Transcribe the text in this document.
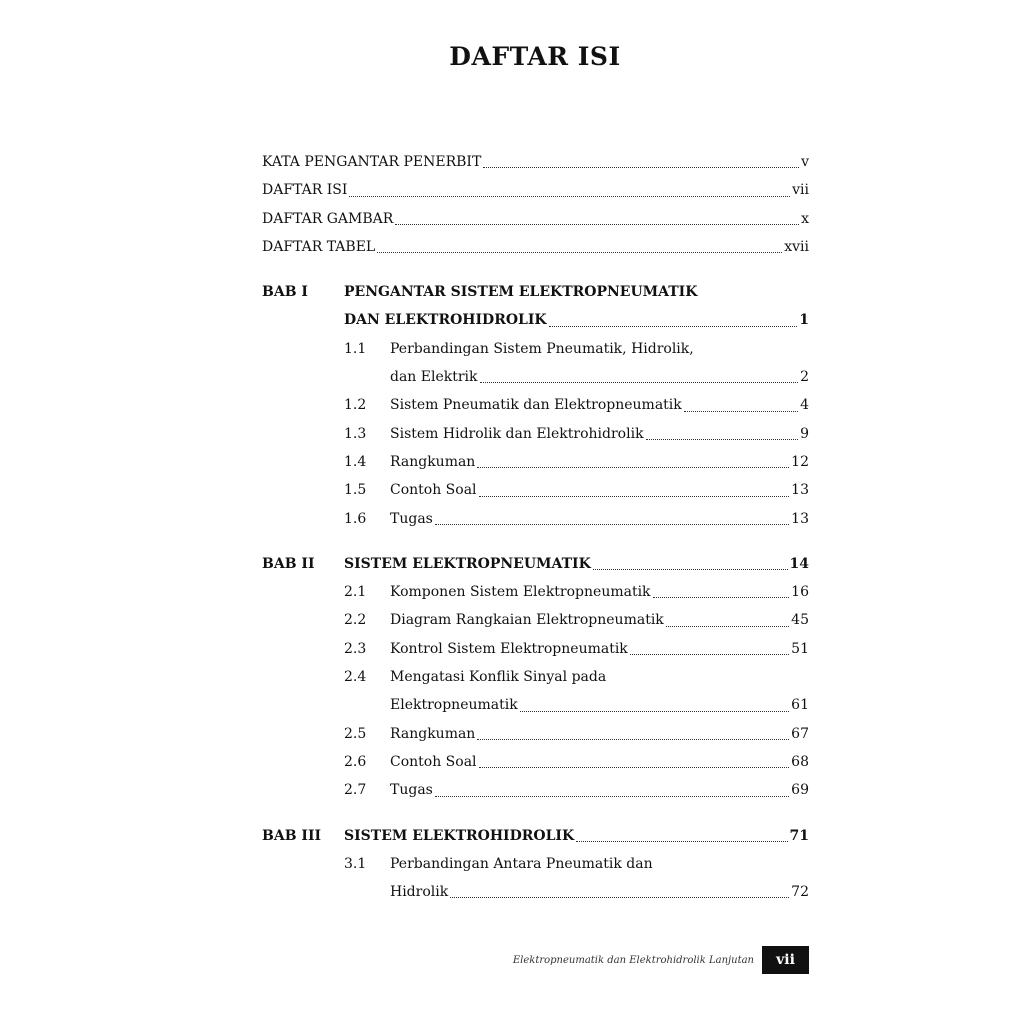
DAFTAR ISI
KATA PENGANTAR PENERBIT	v
DAFTAR ISI	vii
DAFTAR GAMBAR	x
DAFTAR TABEL	xvii
BAB I	PENGANTAR SISTEM ELEKTROPNEUMATIK
DAN ELEKTROHIDROLIK	1
1.1	Perbandingan Sistem Pneumatik, Hidrolik,
dan Elektrik	2
1.2	Sistem Pneumatik dan Elektropneumatik	4
1.3	Sistem Hidrolik dan Elektrohidrolik	9
1.4	Rangkuman	12
1.5	Contoh Soal	13
1.6	Tugas	13
BAB II	SISTEM ELEKTROPNEUMATIK	14
2.1	Komponen Sistem Elektropneumatik	16
2.2	Diagram Rangkaian Elektropneumatik	45
2.3	Kontrol Sistem Elektropneumatik	51
2.4	Mengatasi Konflik Sinyal pada
Elektropneumatik	61
2.5	Rangkuman	67
2.6	Contoh Soal	68
2.7	Tugas	69
BAB III	SISTEM ELEKTROHIDROLIK	71
3.1	Perbandingan Antara Pneumatik dan
Hidrolik	72
Elektropneumatik dan Elektrohidrolik Lanjutan	vii
